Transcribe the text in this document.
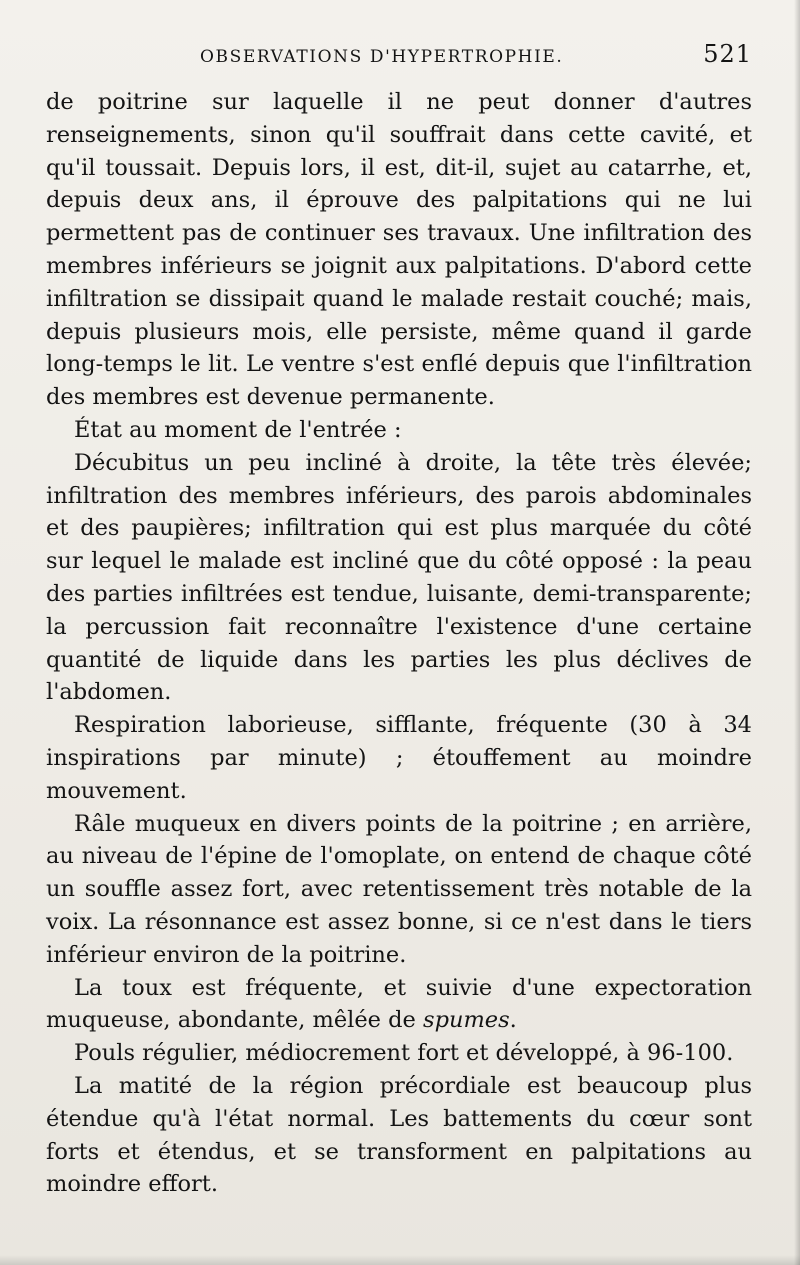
OBSERVATIONS D'HYPERTROPHIE.	521

de poitrine sur laquelle il ne peut donner d'autres renseignements, sinon qu'il souffrait dans cette cavité, et qu'il toussait. Depuis lors, il est, dit-il, sujet au catarrhe, et, depuis deux ans, il éprouve des palpitations qui ne lui permettent pas de continuer ses travaux. Une infiltration des membres inférieurs se joignit aux palpitations. D'abord cette infiltration se dissipait quand le malade restait couché; mais, depuis plusieurs mois, elle persiste, même quand il garde long-temps le lit. Le ventre s'est enflé depuis que l'infiltration des membres est devenue permanente.

État au moment de l'entrée :

Décubitus un peu incliné à droite, la tête très élevée; infiltration des membres inférieurs, des parois abdominales et des paupières; infiltration qui est plus marquée du côté sur lequel le malade est incliné que du côté opposé : la peau des parties infiltrées est tendue, luisante, demi-transparente; la percussion fait reconnaître l'existence d'une certaine quantité de liquide dans les parties les plus déclives de l'abdomen.

Respiration laborieuse, sifflante, fréquente (30 à 34 inspirations par minute) ; étouffement au moindre mouvement.

Râle muqueux en divers points de la poitrine ; en arrière, au niveau de l'épine de l'omoplate, on entend de chaque côté un souffle assez fort, avec retentissement très notable de la voix. La résonnance est assez bonne, si ce n'est dans le tiers inférieur environ de la poitrine.

La toux est fréquente, et suivie d'une expectoration muqueuse, abondante, mêlée de spumes.

Pouls régulier, médiocrement fort et développé, à 96-100.

La matité de la région précordiale est beaucoup plus étendue qu'à l'état normal. Les battements du cœur sont forts et étendus, et se transforment en palpitations au moindre effort.
